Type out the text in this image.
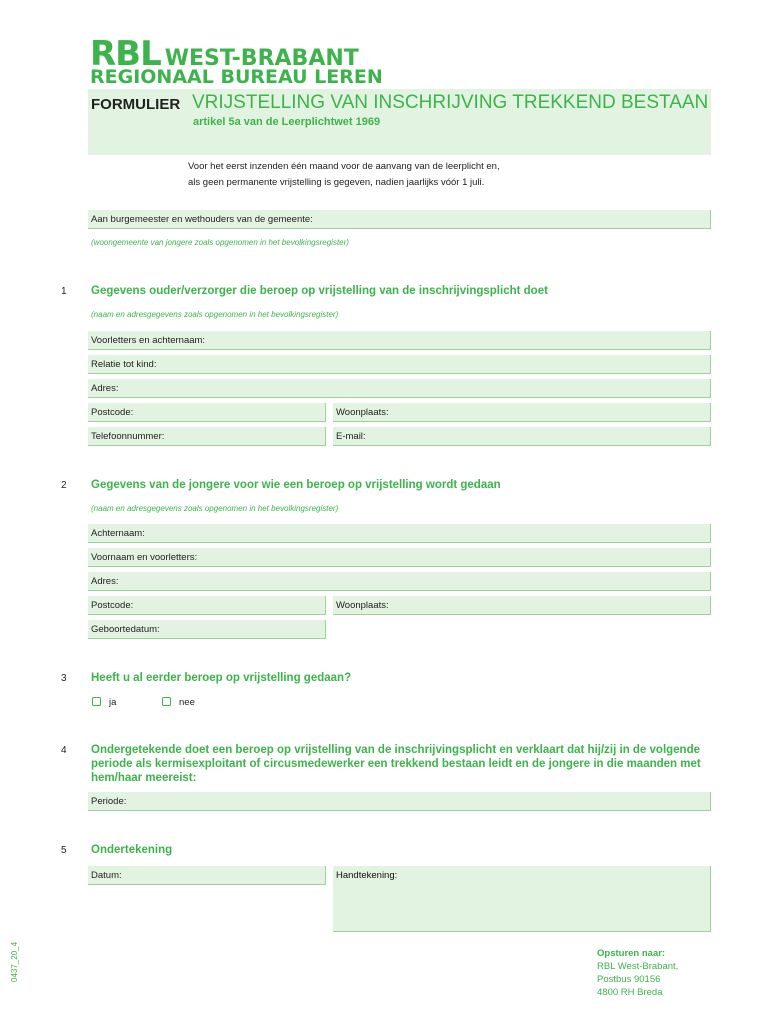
RBL WEST-BRABANT
REGIONAAL BUREAU LEREN
FORMULIER VRIJSTELLING VAN INSCHRIJVING TREKKEND BESTAAN
artikel 5a van de Leerplichtwet 1969
Voor het eerst inzenden één maand voor de aanvang van de leerplicht en,
als geen permanente vrijstelling is gegeven, nadien jaarlijks vóór 1 juli.
Aan burgemeester en wethouders van de gemeente:
(woongemeente van jongere zoals opgenomen in het bevolkingsregister)
1 Gegevens ouder/verzorger die beroep op vrijstelling van de inschrijvingsplicht doet
(naam en adresgegevens zoals opgenomen in het bevolkingsregister)
Voorletters en achternaam:
Relatie tot kind:
Adres:
Postcode:	Woonplaats:
Telefoonnummer:	E-mail:
2 Gegevens van de jongere voor wie een beroep op vrijstelling wordt gedaan
(naam en adresgegevens zoals opgenomen in het bevolkingsregister)
Achternaam:
Voornaam en voorletters:
Adres:
Postcode:	Woonplaats:
Geboortedatum:
3 Heeft u al eerder beroep op vrijstelling gedaan?
ja	nee
4 Ondergetekende doet een beroep op vrijstelling van de inschrijvingsplicht en verklaart dat hij/zij in de volgende
periode als kermisexploitant of circusmedewerker een trekkend bestaan leidt en de jongere in die maanden met
hem/haar meereist:
Periode:
5 Ondertekening
Datum:	Handtekening:
0437_20_4	Opsturen naar:
RBL West-Brabant,
Postbus 90156
4800 RH Breda
